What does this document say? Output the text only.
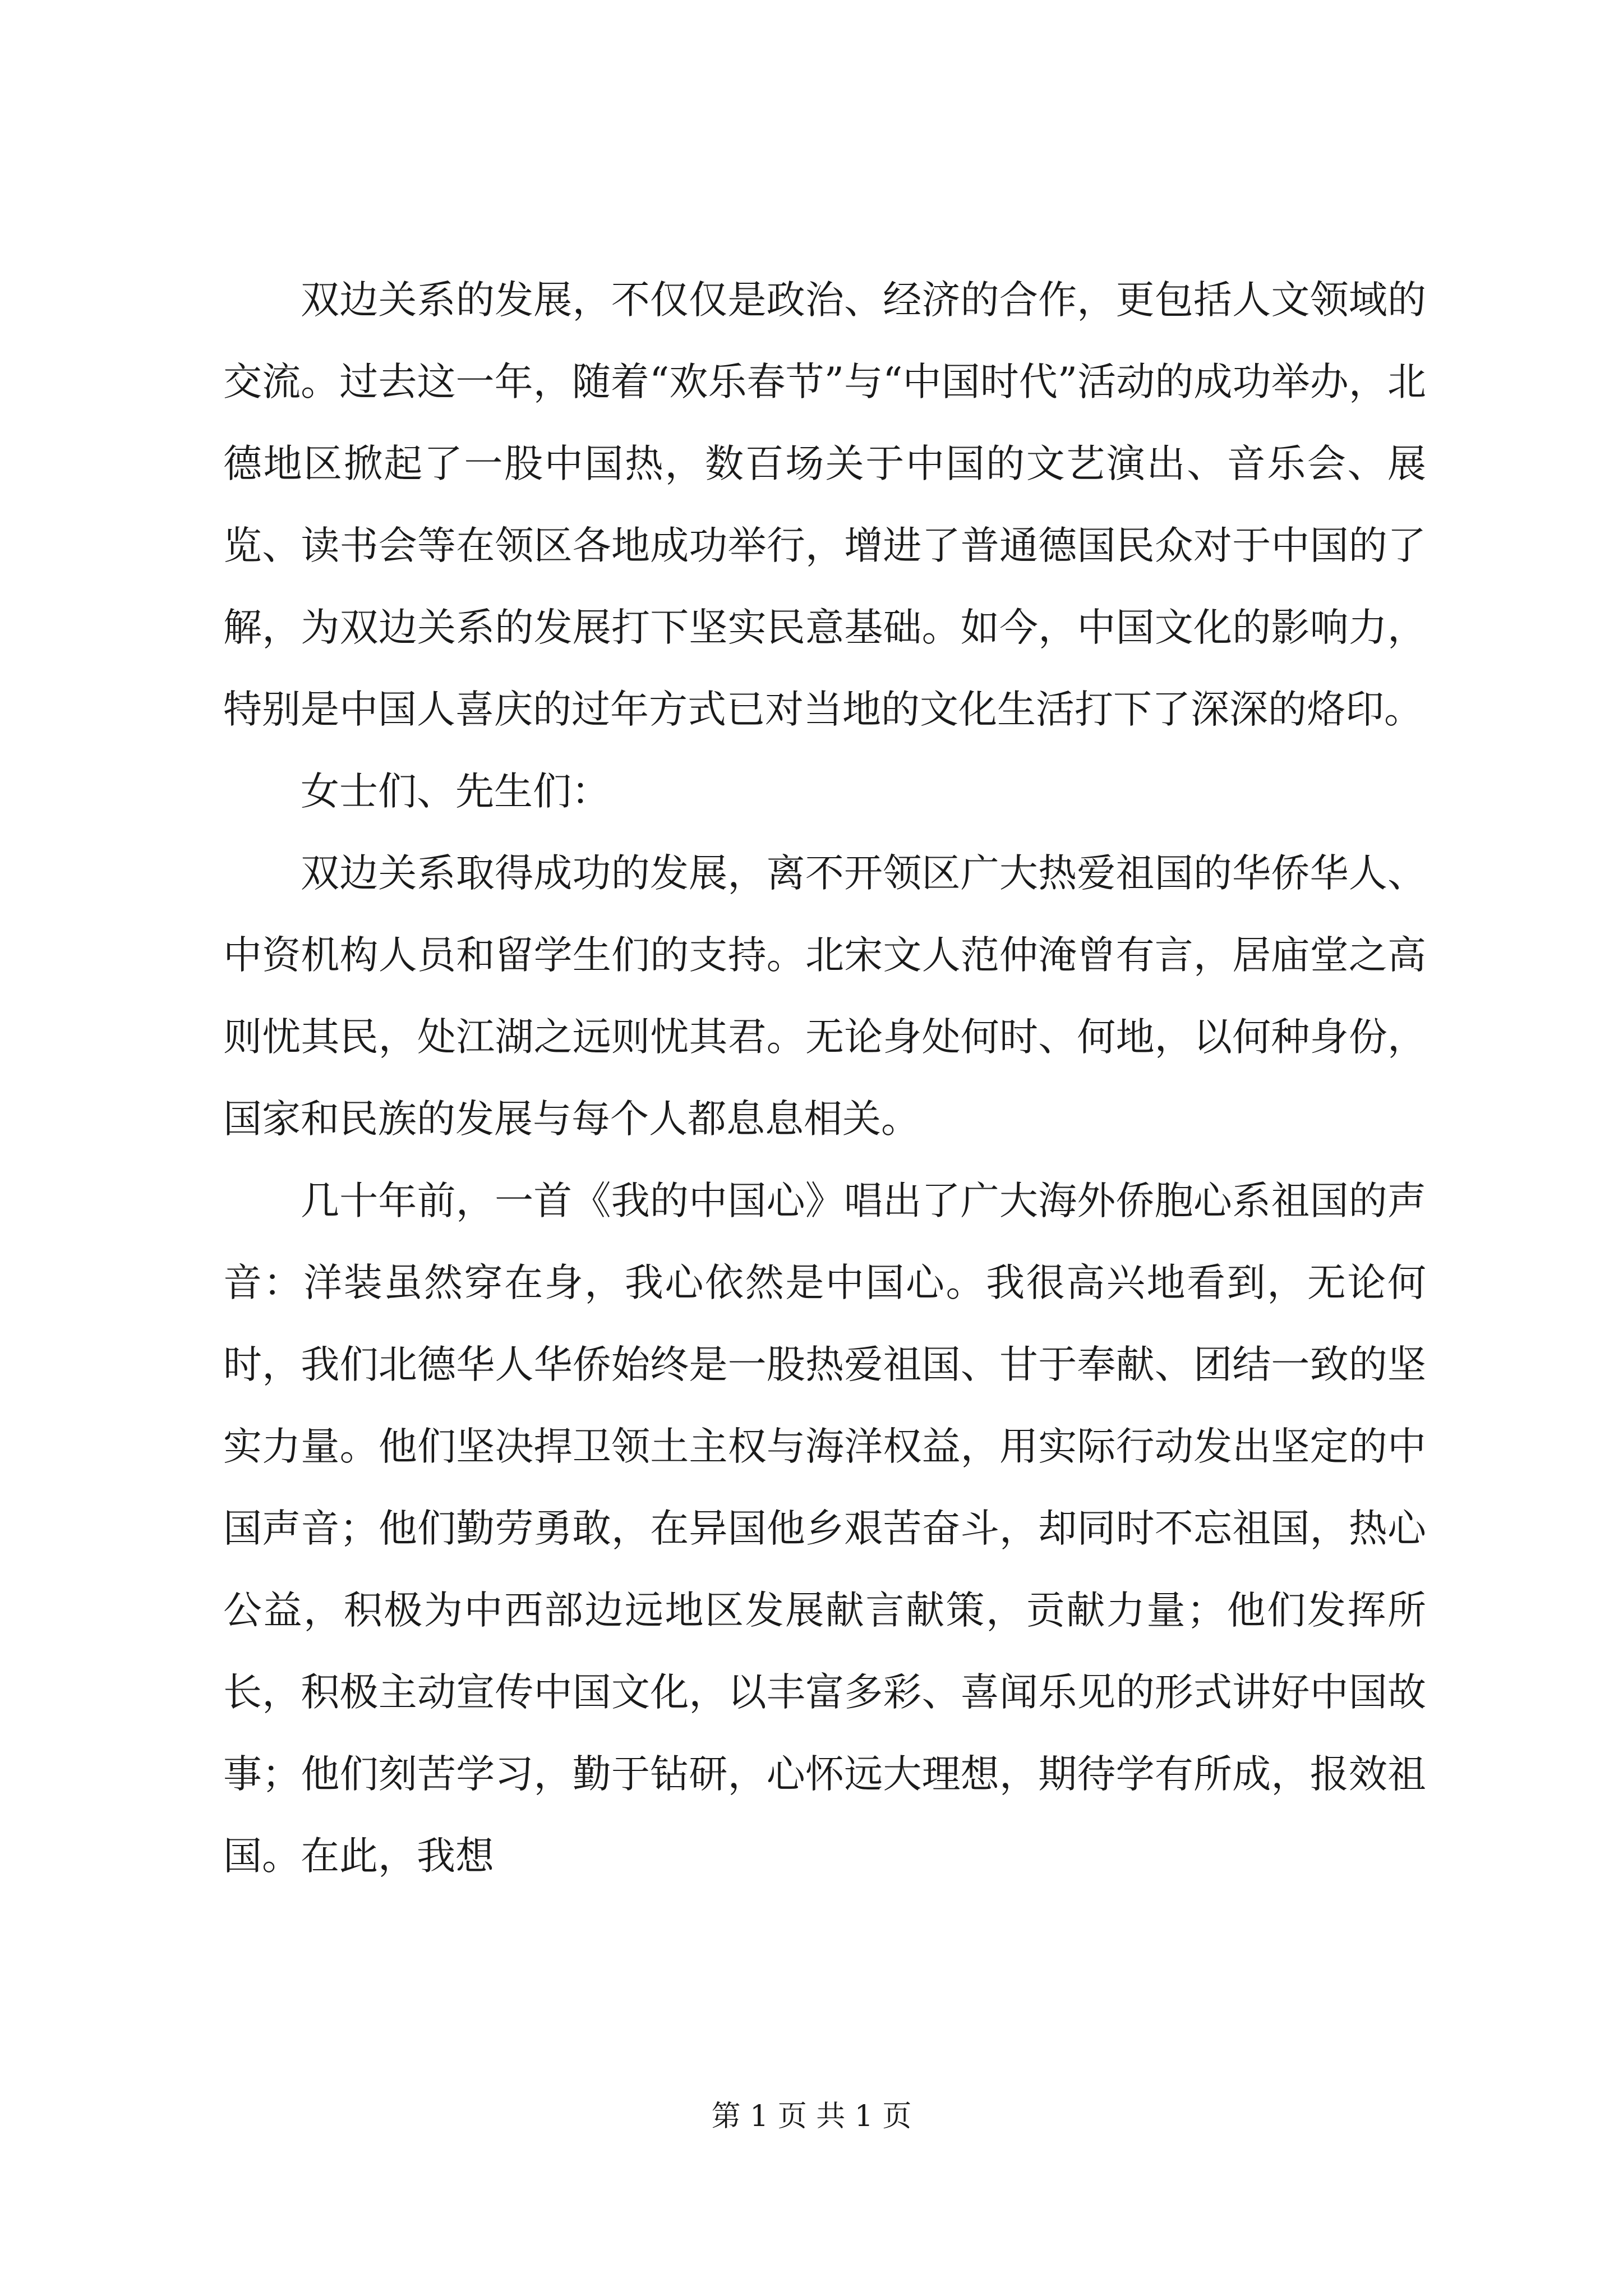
双边关系的发展，不仅仅是政治、经济的合作，更包括人文领域的交流。过去这一年，随着“欢乐春节”与“中国时代”活动的成功举办，北德地区掀起了一股中国热，数百场关于中国的文艺演出、音乐会、展览、读书会等在领区各地成功举行，增进了普通德国民众对于中国的了解，为双边关系的发展打下坚实民意基础。如今，中国文化的影响力，特别是中国人喜庆的过年方式已对当地的文化生活打下了深深的烙印。

女士们、先生们：

双边关系取得成功的发展，离不开领区广大热爱祖国的华侨华人、中资机构人员和留学生们的支持。北宋文人范仲淹曾有言，居庙堂之高则忧其民，处江湖之远则忧其君。无论身处何时、何地，以何种身份，国家和民族的发展与每个人都息息相关。

几十年前，一首《我的中国心》唱出了广大海外侨胞心系祖国的声音：洋装虽然穿在身，我心依然是中国心。我很高兴地看到，无论何时，我们北德华人华侨始终是一股热爱祖国、甘于奉献、团结一致的坚实力量。他们坚决捍卫领土主权与海洋权益，用实际行动发出坚定的中国声音；他们勤劳勇敢，在异国他乡艰苦奋斗，却同时不忘祖国，热心公益，积极为中西部边远地区发展献言献策，贡献力量；他们发挥所长，积极主动宣传中国文化，以丰富多彩、喜闻乐见的形式讲好中国故事；他们刻苦学习，勤于钻研，心怀远大理想，期待学有所成，报效祖国。在此，我想

第 1 页 共 1 页
